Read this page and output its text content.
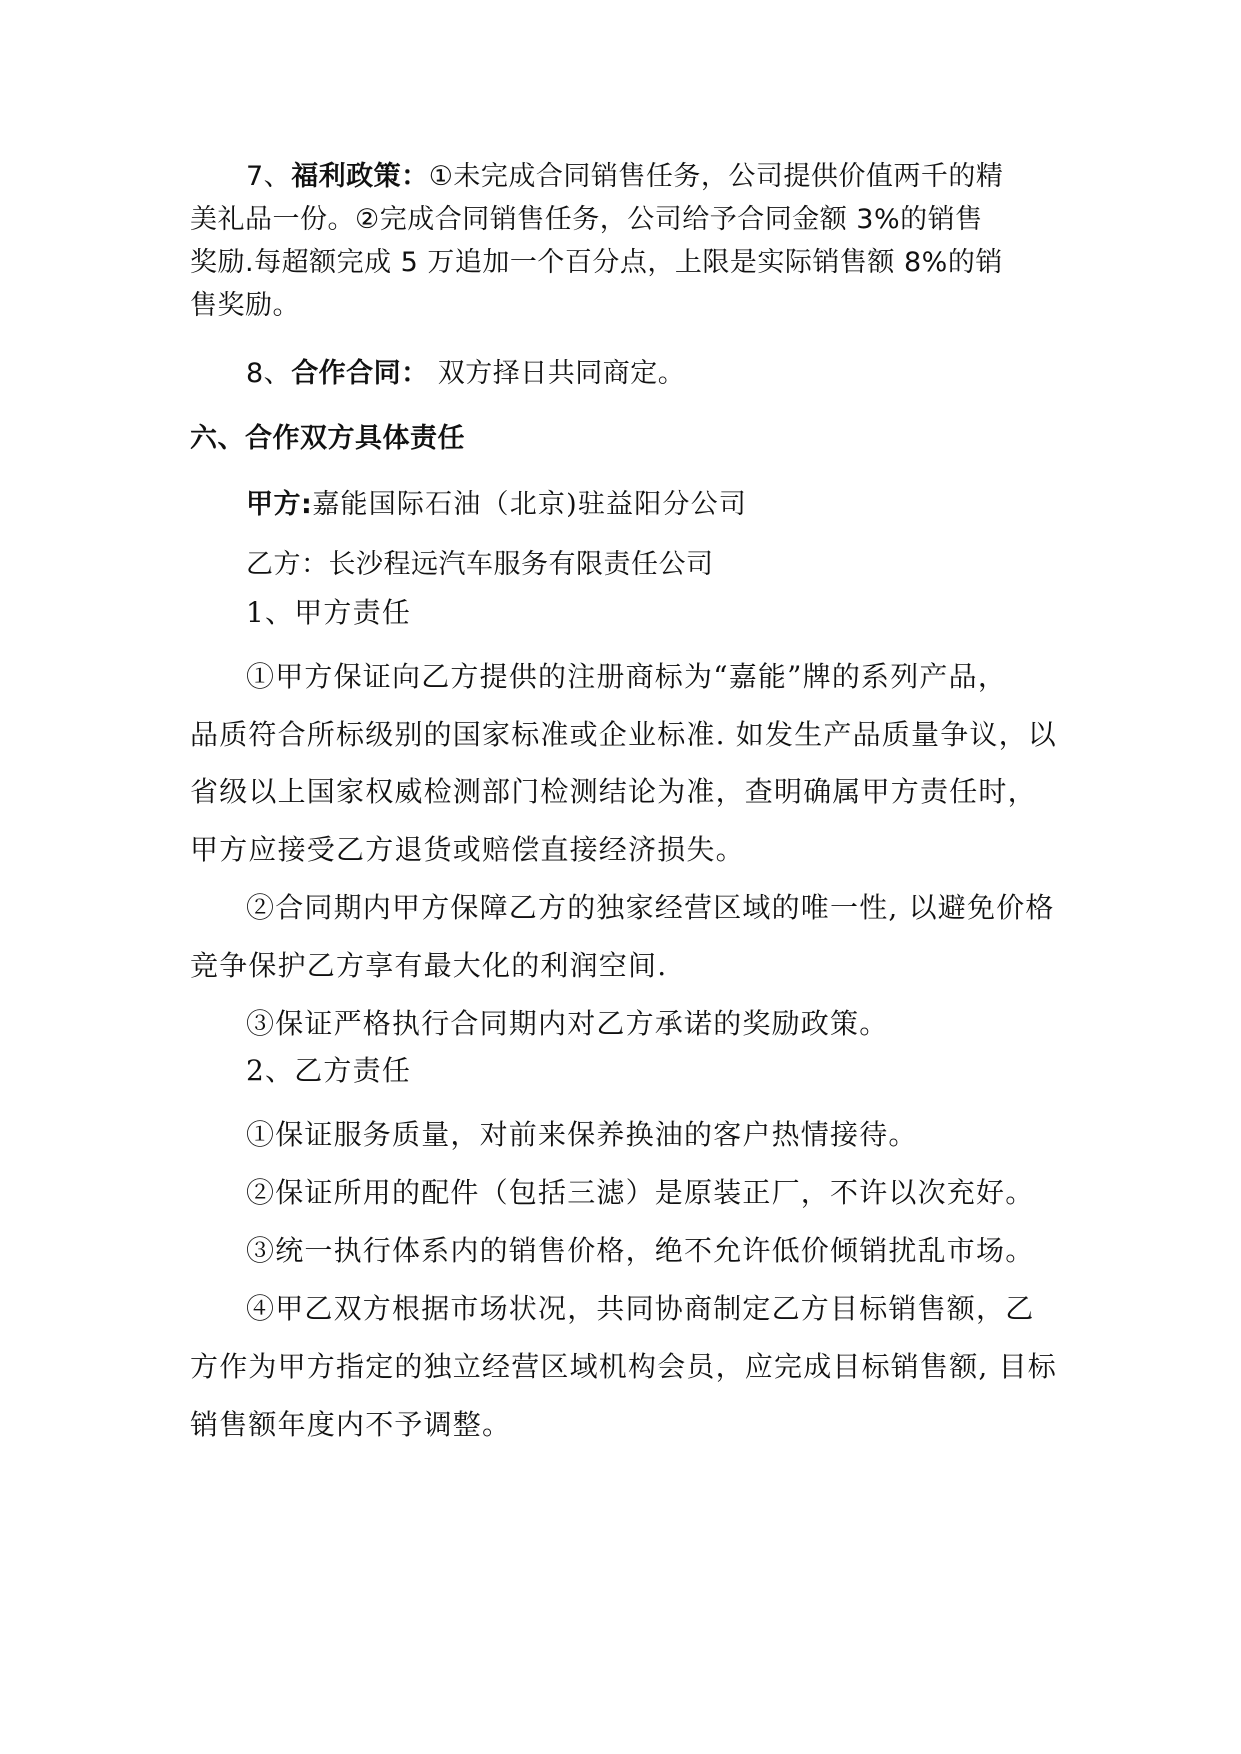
7、福利政策：①未完成合同销售任务，公司提供价值两千的精
美礼品一份。②完成合同销售任务，公司给予合同金额 3%的销售
奖励.每超额完成 5 万追加一个百分点，上限是实际销售额 8%的销
售奖励。
8、合作合同： 双方择日共同商定。
六、合作双方具体责任
甲方:嘉能国际石油（北京)驻益阳分公司
乙方：长沙程远汽车服务有限责任公司
1、甲方责任
①甲方保证向乙方提供的注册商标为“嘉能”牌的系列产品，
品质符合所标级别的国家标准或企业标准. 如发生产品质量争议，以
省级以上国家权威检测部门检测结论为准，查明确属甲方责任时，
甲方应接受乙方退货或赔偿直接经济损失。
②合同期内甲方保障乙方的独家经营区域的唯一性, 以避免价格
竞争保护乙方享有最大化的利润空间.
③保证严格执行合同期内对乙方承诺的奖励政策。
2、乙方责任
①保证服务质量，对前来保养换油的客户热情接待。
②保证所用的配件（包括三滤）是原装正厂，不许以次充好。
③统一执行体系内的销售价格，绝不允许低价倾销扰乱市场。
④甲乙双方根据市场状况，共同协商制定乙方目标销售额，乙
方作为甲方指定的独立经营区域机构会员，应完成目标销售额, 目标
销售额年度内不予调整。
